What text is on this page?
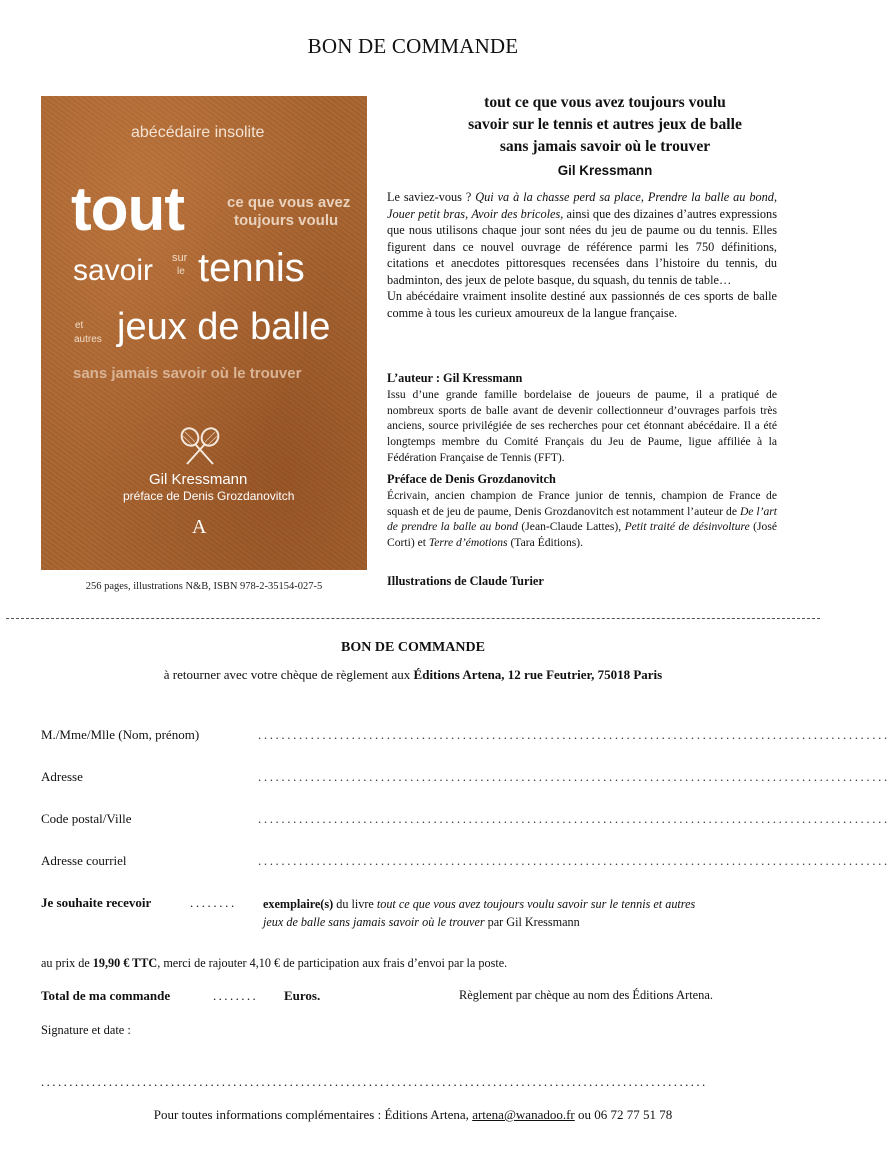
BON DE COMMANDE
abécédaire insolite
tout	ce que vous avez
toujours voulu
savoir sur
le tennis
et
autres jeux de balle
sans jamais savoir où le trouver
Gil Kressmann
préface de Denis Grozdanovitch
A
256 pages, illustrations N&B, ISBN 978-2-35154-027-5
tout ce que vous avez toujours voulu
savoir sur le tennis et autres jeux de balle
sans jamais savoir où le trouver
Gil Kressmann
Le saviez-vous ? Qui va à la chasse perd sa place, Prendre la balle au bond, Jouer petit bras, Avoir des bricoles, ainsi que des dizaines d’autres expressions que nous utilisons chaque jour sont nées du jeu de paume ou du tennis. Elles figurent dans ce nouvel ouvrage de référence parmi les 750 définitions, citations et anecdotes pittoresques recensées dans l’histoire du tennis, du badminton, des jeux de pelote basque, du squash, du tennis de table…
Un abécédaire vraiment insolite destiné aux passionnés de ces sports de balle comme à tous les curieux amoureux de la langue française.
L’auteur : Gil Kressmann
Issu d’une grande famille bordelaise de joueurs de paume, il a pratiqué de nombreux sports de balle avant de devenir collectionneur d’ouvrages parfois très anciens, source privilégiée de ses recherches pour cet étonnant abécédaire. Il a été longtemps membre du Comité Français du Jeu de Paume, ligue affiliée à la Fédération Française de Tennis (FFT).
Préface de Denis Grozdanovitch
Écrivain, ancien champion de France junior de tennis, champion de France de squash et de jeu de paume, Denis Grozdanovitch est notamment l’auteur de De l’art de prendre la balle au bond (Jean-Claude Lattes), Petit traité de désinvolture (José Corti) et Terre d’émotions (Tara Éditions).
Illustrations de Claude Turier
BON DE COMMANDE
à retourner avec votre chèque de règlement aux Éditions Artena, 12 rue Feutrier, 75018 Paris
M./Mme/Mlle (Nom, prénom)	............................................................................................................
Adresse	............................................................................................................
Code postal/Ville	............................................................................................................
Adresse courriel	............................................................................................................
Je souhaite recevoir	........ exemplaire(s) du livre tout ce que vous avez toujours voulu savoir sur le tennis et autres jeux de balle sans jamais savoir où le trouver par Gil Kressmann
au prix de 19,90 € TTC, merci de rajouter 4,10 € de participation aux frais d’envoi par la poste.
Total de ma commande	........ Euros.	Règlement par chèque au nom des Éditions Artena.
Signature et date :
......................................................................................................................
Pour toutes informations complémentaires : Éditions Artena, artena@wanadoo.fr ou 06 72 77 51 78
